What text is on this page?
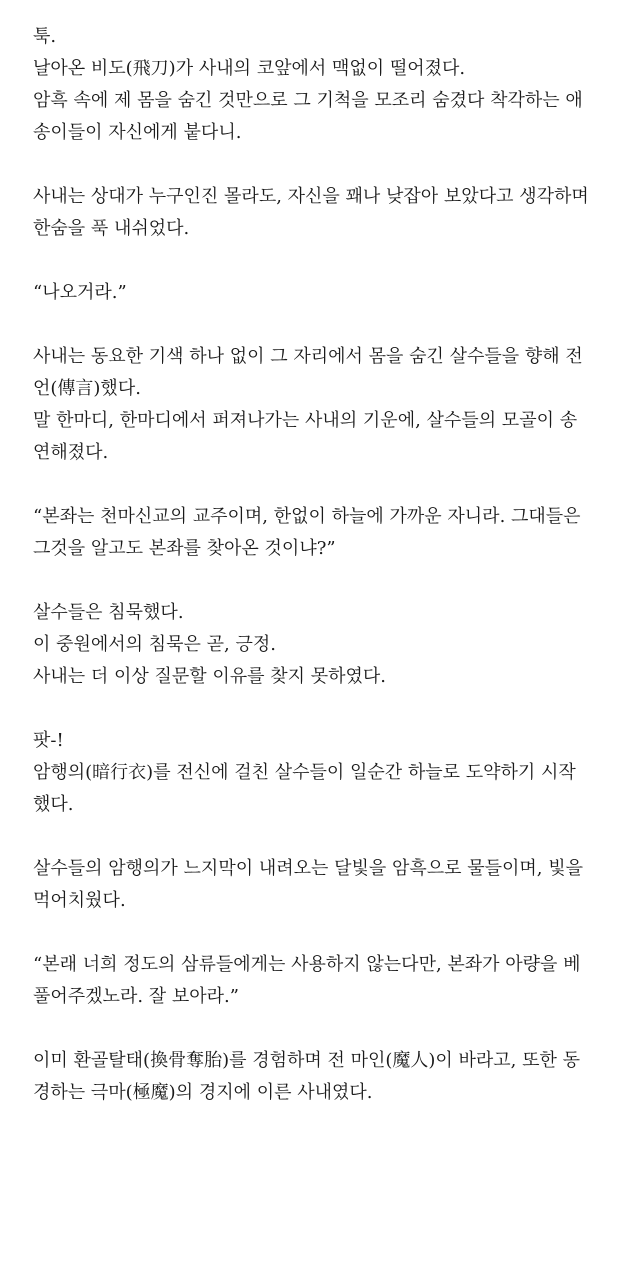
툭.
날아온 비도(飛刀)가 사내의 코앞에서 맥없이 떨어졌다.
암흑 속에 제 몸을 숨긴 것만으로 그 기척을 모조리 숨겼다 착각하는 애
송이들이 자신에게 붙다니.
사내는 상대가 누구인진 몰라도, 자신을 꽤나 낮잡아 보았다고 생각하며
한숨을 푹 내쉬었다.
“나오거라.”
사내는 동요한 기색 하나 없이 그 자리에서 몸을 숨긴 살수들을 향해 전
언(傳言)했다.
말 한마디, 한마디에서 퍼져나가는 사내의 기운에, 살수들의 모골이 송
연해졌다.
“본좌는 천마신교의 교주이며, 한없이 하늘에 가까운 자니라. 그대들은
그것을 알고도 본좌를 찾아온 것이냐?”
살수들은 침묵했다.
이 중원에서의 침묵은 곧, 긍정.
사내는 더 이상 질문할 이유를 찾지 못하였다.
팟-!
암행의(暗行衣)를 전신에 걸친 살수들이 일순간 하늘로 도약하기 시작
했다.
살수들의 암행의가 느지막이 내려오는 달빛을 암흑으로 물들이며, 빛을
먹어치웠다.
“본래 너희 정도의 삼류들에게는 사용하지 않는다만, 본좌가 아량을 베
풀어주겠노라. 잘 보아라.”
이미 환골탈태(換骨奪胎)를 경험하며 전 마인(魔人)이 바라고, 또한 동
경하는 극마(極魔)의 경지에 이른 사내였다.
